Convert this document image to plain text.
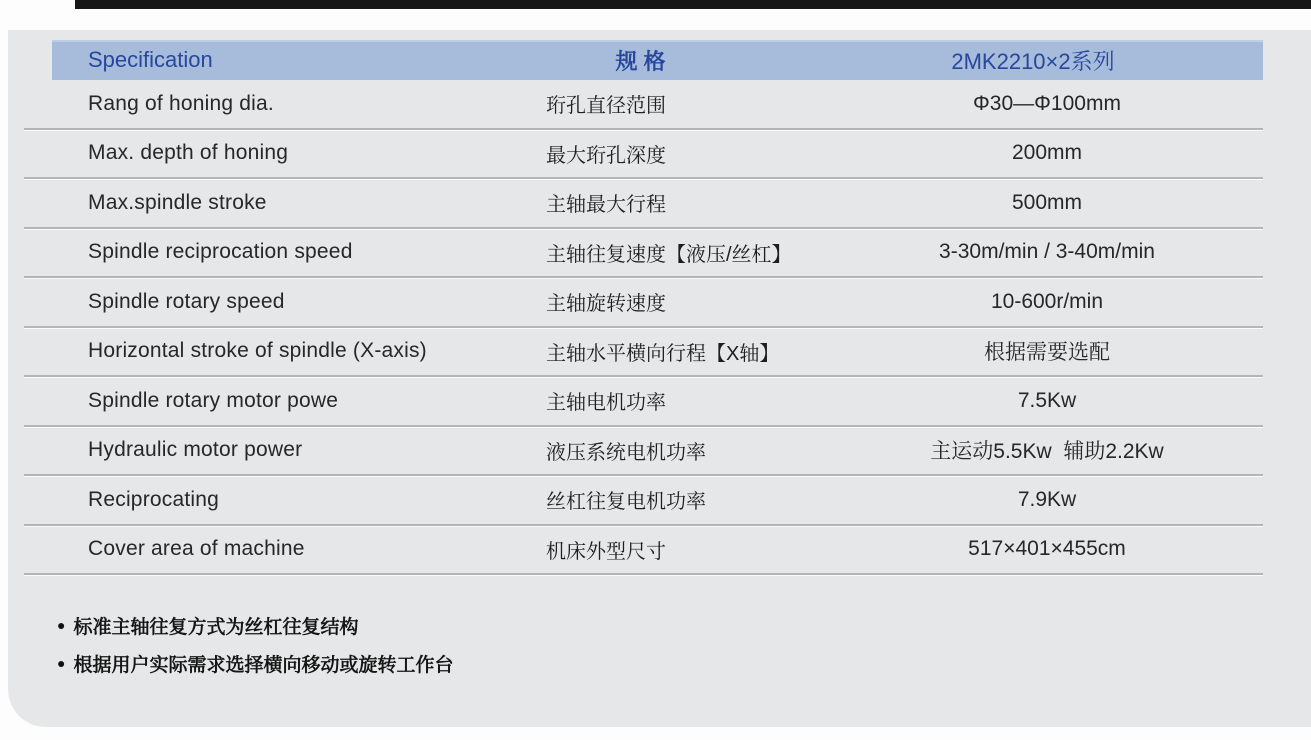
Specification	规 格	2MK2210×2系列
Rang of honing dia.	珩孔直径范围	Φ30—Φ100mm
Max. depth of honing	最大珩孔深度	200mm
Max.spindle stroke	主轴最大行程	500mm
Spindle reciprocation speed	主轴往复速度【液压/丝杠】	3-30m/min / 3-40m/min
Spindle rotary speed	主轴旋转速度	10-600r/min
Horizontal stroke of spindle (X-axis)	主轴水平横向行程【X轴】	根据需要选配
Spindle rotary motor powe	主轴电机功率	7.5Kw
Hydraulic motor power	液压系统电机功率	主运动5.5Kw  辅助2.2Kw
Reciprocating	丝杠往复电机功率	7.9Kw
Cover area of machine	机床外型尺寸	517×401×455cm
● 标准主轴往复方式为丝杠往复结构
● 根据用户实际需求选择横向移动或旋转工作台
